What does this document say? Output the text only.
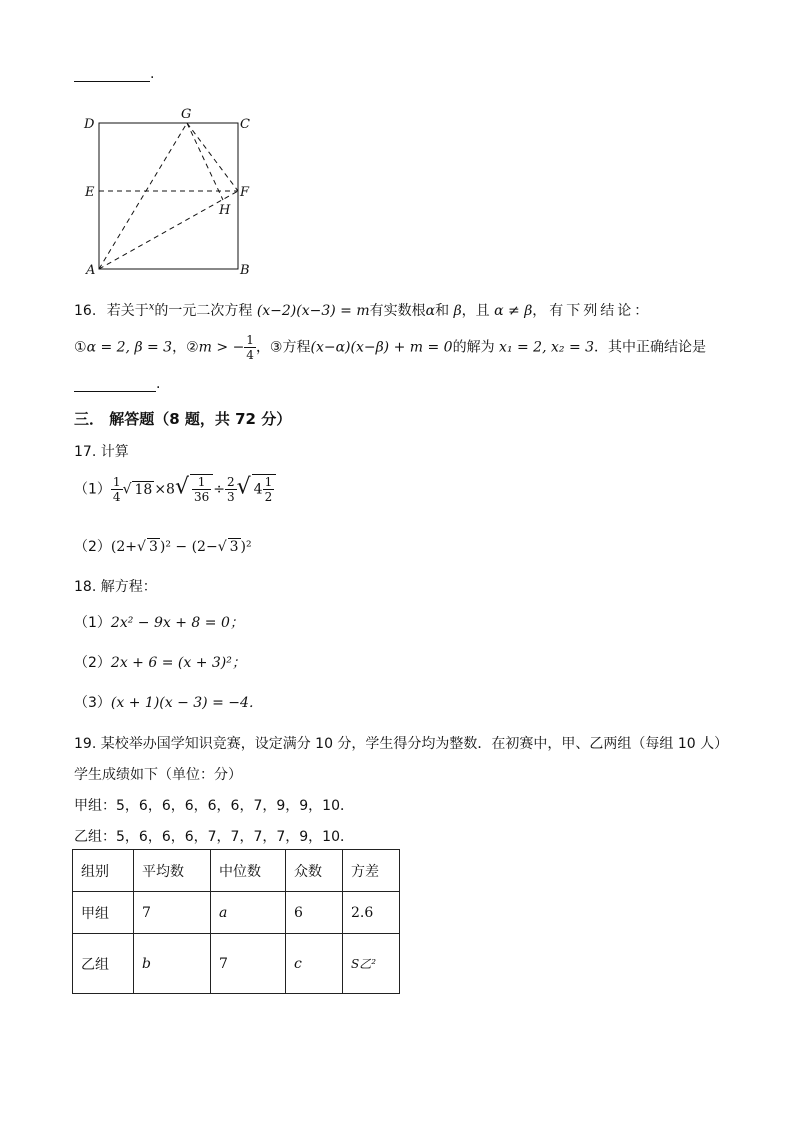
.
D
G
C
E	F
H
A	B
16. 若关于$^x$的一元二次方程 (x−2)(x−3) = m有实数根α和 β，且 α ≠ β，有下列结论：
①α = 2, β = 3，②m > − $\frac{1}{4}$ ，③方程(x−α)(x−β) + m = 0的解为 x₁ = 2, x₂ = 3．其中正确结论是
.
三． 解答题（8 题，共 72 分）
17. 计算
$(1) \frac{1}{4}$ √ $18 \times 8√ \frac{1}{36} \div \frac{2}{3}$ √ $4 \frac{1}{2}$
（2）(2+√ 3 )² − (2−√ 3 )²
18. 解方程：
（1）2x² − 9x + 8 = 0；
（2）2x + 6 = (x + 3)²；
（3）(x + 1)(x − 3) = −4．
19. 某校举办国学知识竞赛，设定满分 10 分，学生得分均为整数．在初赛中，甲、乙两组（每组 10 人）
学生成绩如下（单位：分）
甲组：5，6，6，6，6，6，7，9，9，10．
乙组：5，6，6，6，7，7，7，7，9，10．
组别	平均数	中位数	众数	方差
甲组	7	a	6	2.6
乙组	b	7	c	S乙²
